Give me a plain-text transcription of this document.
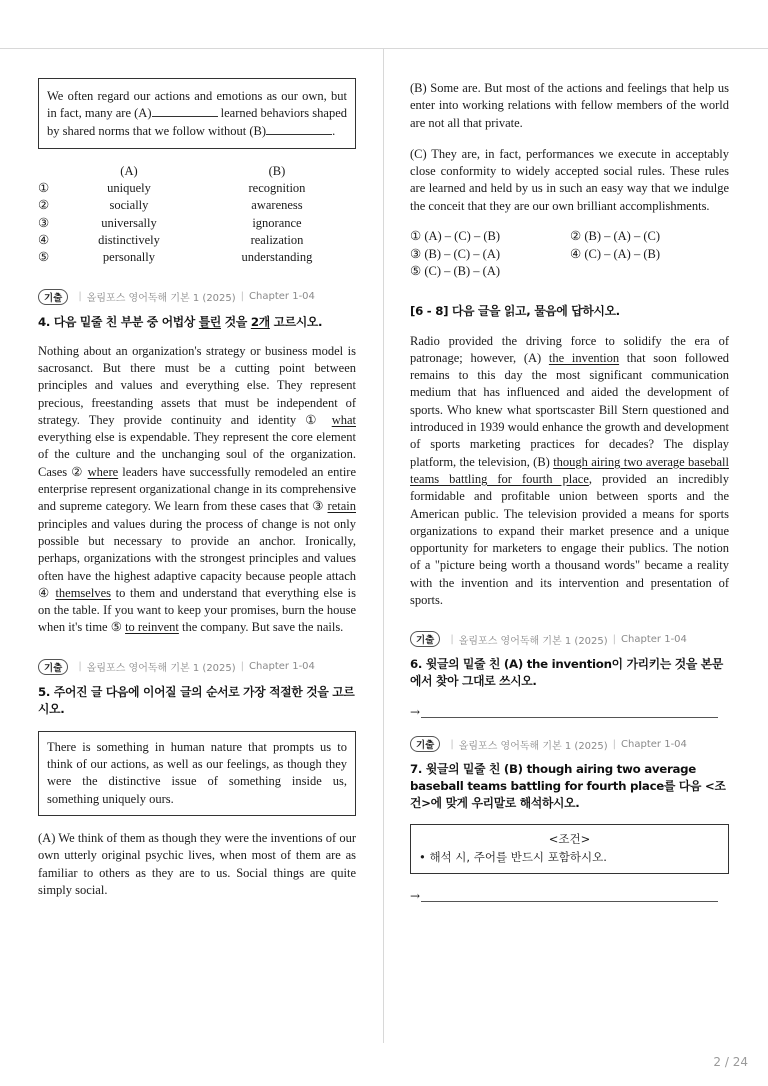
We often regard our actions and emotions as our own, but in fact, many are (A)	learned behaviors shaped by shared norms that we follow without (B)	.
	(A)	(B)
①	uniquely	recognition
②	socially	awareness
③	universally	ignorance
④	distinctively	realization
⑤	personally	understanding
기출	| 올림포스 영어독해 기본 1 (2025) | Chapter 1-04
4. 다음 밑줄 친 부분 중 어법상 틀린 것을 2개 고르시오.
Nothing about an organization's strategy or business model is sacrosanct. But there must be a cutting point between principles and values and everything else. They represent precious, freestanding assets that must be independent of strategy. They provide continuity and identity ① what everything else is expendable. They represent the core element of the culture and the unchanging soul of the organization. Cases ② where leaders have successfully remodeled an entire enterprise represent organizational change in its comprehensive and supreme category. We learn from these cases that ③ retain principles and values during the process of change is not only possible but necessary to provide an anchor. Ironically, perhaps, organizations with the strongest principles and values often have the highest adaptive capacity because people attach ④ themselves to them and understand that everything else is on the table. If you want to keep your promises, burn the house when it's time ⑤ to reinvent the company. But save the nails.
기출	| 올림포스 영어독해 기본 1 (2025) | Chapter 1-04
5. 주어진 글 다음에 이어질 글의 순서로 가장 적절한 것을 고르시오.
There is something in human nature that prompts us to think of our actions, as well as our feelings, as though they were the distinctive issue of something inside us, something uniquely ours.
(A) We think of them as though they were the inventions of our own utterly original psychic lives, when most of them are as familiar to others as they are to us. Social things are quite simply social.
(B) Some are. But most of the actions and feelings that help us enter into working relations with fellow members of the world are not all that private.
(C) They are, in fact, performances we execute in acceptably close conformity to widely accepted social rules. These rules are learned and held by us in such an easy way that we indulge the conceit that they are our own brilliant accomplishments.
① (A) – (C) – (B)	② (B) – (A) – (C)
③ (B) – (C) – (A)	④ (C) – (A) – (B)
⑤ (C) – (B) – (A)
[6 - 8] 다음 글을 읽고, 물음에 답하시오.
Radio provided the driving force to solidify the era of patronage; however, (A) the invention that soon followed remains to this day the most significant communication medium that has influenced and aided the development of sports. Who knew what sportscaster Bill Stern questioned and introduced in 1939 would enhance the growth and development of sports marketing practices for decades? The display platform, the television, (B) though airing two average baseball teams battling for fourth place, provided an incredibly formidable and profitable union between sports and the American public. The television provided a means for sports organizations to expand their market presence and a unique opportunity for marketers to engage their publics. The notion of a "picture being worth a thousand words" became a reality with the invention and its intervention and presentation of sports.
기출	| 올림포스 영어독해 기본 1 (2025) | Chapter 1-04
6. 윗글의 밑줄 친 (A) the invention이 가리키는 것을 본문에서 찾아 그대로 쓰시오.
→
기출	| 올림포스 영어독해 기본 1 (2025) | Chapter 1-04
7. 윗글의 밑줄 친 (B) though airing two average baseball teams battling for fourth place를 다음 <조건>에 맞게 우리말로 해석하시오.
<조건>
• 해석 시, 주어를 반드시 포함하시오.
→
2 / 24
